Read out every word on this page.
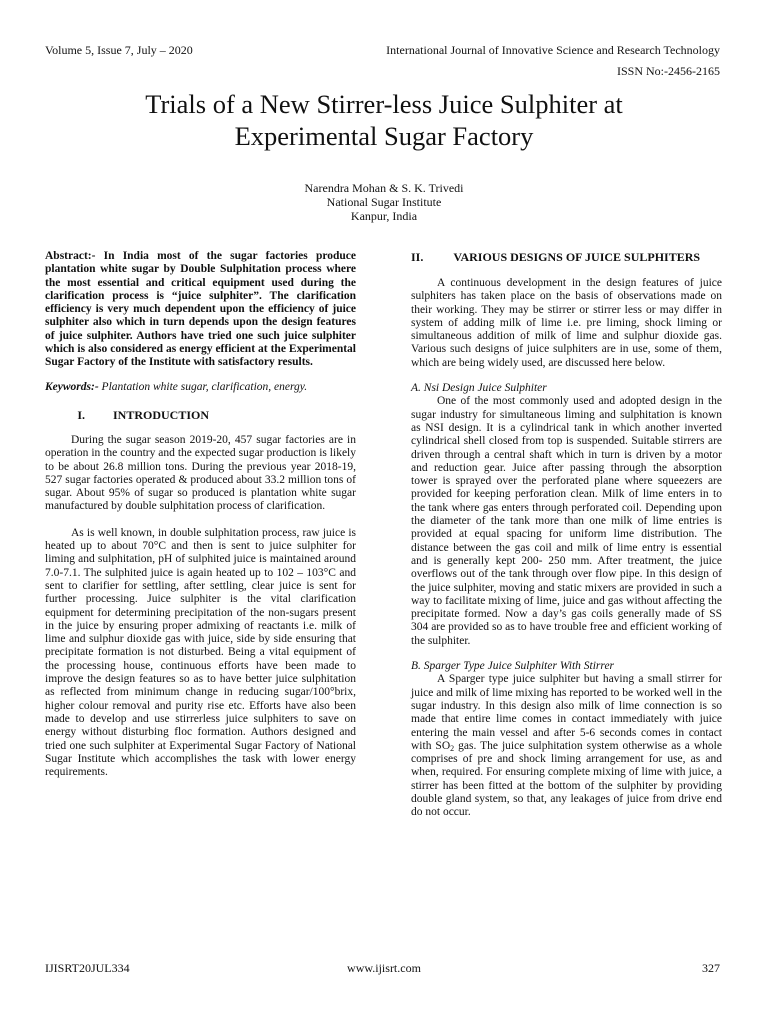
Volume 5, Issue 7, July – 2020	International Journal of Innovative Science and Research Technology
ISSN No:-2456-2165
Trials of a New Stirrer-less Juice Sulphiter at
Experimental Sugar Factory
Narendra Mohan & S. K. Trivedi
National Sugar Institute
Kanpur, India

Abstract:- In India most of the sugar factories produce plantation white sugar by Double Sulphitation process where the most essential and critical equipment used during the clarification process is “juice sulphiter”. The clarification efficiency is very much dependent upon the efficiency of juice sulphiter also which in turn depends upon the design features of juice sulphiter. Authors have tried one such juice sulphiter which is also considered as energy efficient at the Experimental Sugar Factory of the Institute with satisfactory results.

Keywords:- Plantation white sugar, clarification, energy.

I. INTRODUCTION

During the sugar season 2019-20, 457 sugar factories are in operation in the country and the expected sugar production is likely to be about 26.8 million tons. During the previous year 2018-19, 527 sugar factories operated & produced about 33.2 million tons of sugar. About 95% of sugar so produced is plantation white sugar manufactured by double sulphitation process of clarification.

As is well known, in double sulphitation process, raw juice is heated up to about 70°C and then is sent to juice sulphiter for liming and sulphitation, pH of sulphited juice is maintained around 7.0-7.1. The sulphited juice is again heated up to 102 – 103°C and sent to clarifier for settling, after settling, clear juice is sent for further processing. Juice sulphiter is the vital clarification equipment for determining precipitation of the non-sugars present in the juice by ensuring proper admixing of reactants i.e. milk of lime and sulphur dioxide gas with juice, side by side ensuring that precipitate formation is not disturbed. Being a vital equipment of the processing house, continuous efforts have been made to improve the design features so as to have better juice sulphitation as reflected from minimum change in reducing sugar/100°brix, higher colour removal and purity rise etc. Efforts have also been made to develop and use stirrerless juice sulphiters to save on energy without disturbing floc formation. Authors designed and tried one such sulphiter at Experimental Sugar Factory of National Sugar Institute which accomplishes the task with lower energy requirements.

II.	VARIOUS DESIGNS OF JUICE SULPHITERS

A continuous development in the design features of juice sulphiters has taken place on the basis of observations made on their working. They may be stirrer or stirrer less or may differ in system of adding milk of lime i.e. pre liming, shock liming or simultaneous addition of milk of lime and sulphur dioxide gas. Various such designs of juice sulphiters are in use, some of them, which are being widely used, are discussed here below.

A. Nsi Design Juice Sulphiter

One of the most commonly used and adopted design in the sugar industry for simultaneous liming and sulphitation is known as NSI design. It is a cylindrical tank in which another inverted cylindrical shell closed from top is suspended. Suitable stirrers are driven through a central shaft which in turn is driven by a motor and reduction gear. Juice after passing through the absorption tower is sprayed over the perforated plane where squeezers are provided for keeping perforation clean. Milk of lime enters in to the tank where gas enters through perforated coil. Depending upon the diameter of the tank more than one milk of lime entries is provided at equal spacing for uniform lime distribution. The distance between the gas coil and milk of lime entry is essential and is generally kept 200- 250 mm. After treatment, the juice overflows out of the tank through over flow pipe. In this design of the juice sulphiter, moving and static mixers are provided in such a way to facilitate mixing of lime, juice and gas without affecting the precipitate formed. Now a day’s gas coils generally made of SS 304 are provided so as to have trouble free and efficient working of the sulphiter.

B. Sparger Type Juice Sulphiter With Stirrer

A Sparger type juice sulphiter but having a small stirrer for juice and milk of lime mixing has reported to be worked well in the sugar industry. In this design also milk of lime connection is so made that entire lime comes in contact immediately with juice entering the main vessel and after 5-6 seconds comes in contact with $SO_2$ gas. The juice sulphitation system otherwise as a whole comprises of pre and shock liming arrangement for use, as and when, required. For ensuring complete mixing of lime with juice, a stirrer has been fitted at the bottom of the sulphiter by providing double gland system, so that, any leakages of juice from drive end do not occur.

IJISRT20JUL334	www.ijisrt.com	327
